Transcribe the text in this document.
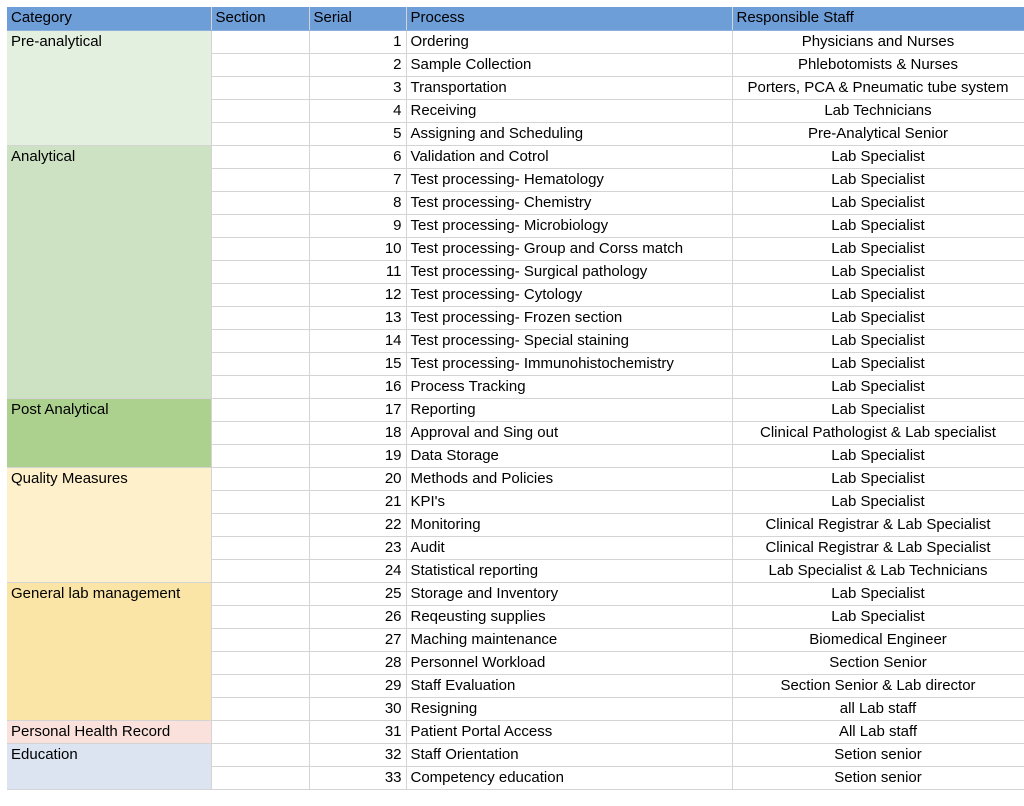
Category	Section	Serial	Process	Responsible Staff
Pre-analytical		1	Ordering	Physicians and Nurses
		2	Sample Collection	Phlebotomists & Nurses
		3	Transportation	Porters, PCA & Pneumatic tube system
		4	Receiving	Lab Technicians
		5	Assigning and Scheduling	Pre-Analytical Senior
Analytical		6	Validation and Cotrol	Lab Specialist
		7	Test processing- Hematology	Lab Specialist
		8	Test processing- Chemistry	Lab Specialist
		9	Test processing- Microbiology	Lab Specialist
		10	Test processing- Group and Corss match	Lab Specialist
		11	Test processing- Surgical pathology	Lab Specialist
		12	Test processing- Cytology	Lab Specialist
		13	Test processing- Frozen section	Lab Specialist
		14	Test processing- Special staining	Lab Specialist
		15	Test processing- Immunohistochemistry	Lab Specialist
		16	Process Tracking	Lab Specialist
Post Analytical		17	Reporting	Lab Specialist
		18	Approval and Sing out	Clinical Pathologist & Lab specialist
		19	Data Storage	Lab Specialist
Quality Measures		20	Methods and Policies	Lab Specialist
		21	KPI's	Lab Specialist
		22	Monitoring	Clinical Registrar & Lab Specialist
		23	Audit	Clinical Registrar & Lab Specialist
		24	Statistical reporting	Lab Specialist & Lab Technicians
General lab management		25	Storage and Inventory	Lab Specialist
		26	Reqeusting supplies	Lab Specialist
		27	Maching maintenance	Biomedical Engineer
		28	Personnel Workload	Section Senior
		29	Staff Evaluation	Section Senior & Lab director
		30	Resigning	all Lab staff
Personal Health Record		31	Patient Portal Access	All Lab staff
Education		32	Staff Orientation	Setion senior
		33	Competency education	Setion senior
